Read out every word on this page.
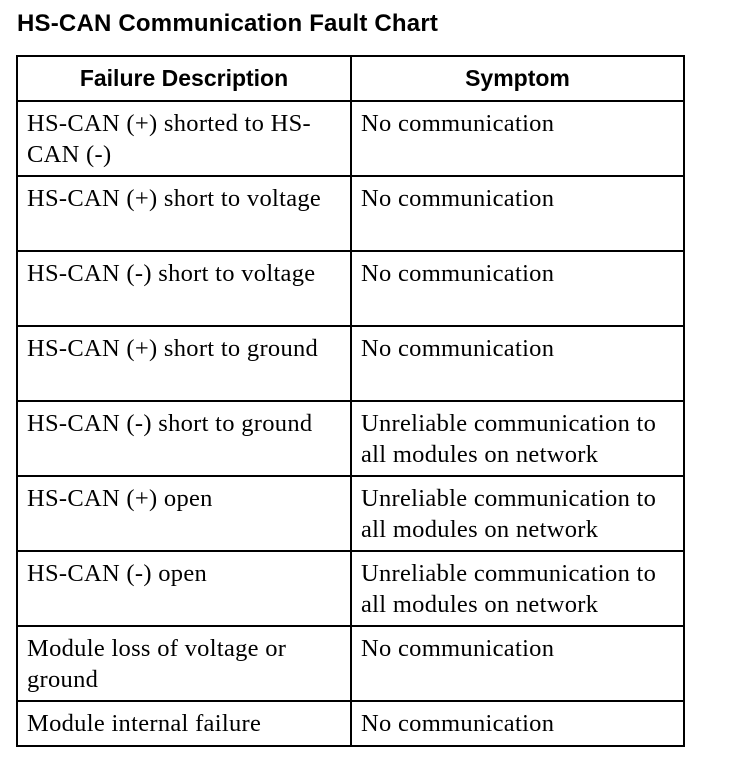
HS-CAN Communication Fault Chart
Failure Description	Symptom

HS-CAN (+) shorted to HS-CAN (-)	No communication

HS-CAN (+) short to voltage	No communication

HS-CAN (-) short to voltage	No communication

HS-CAN (+) short to ground	No communication

HS-CAN (-) short to ground	Unreliable communication to all modules on network

HS-CAN (+) open	Unreliable communication to all modules on network

HS-CAN (-) open	Unreliable communication to all modules on network

Module loss of voltage or ground	No communication

Module internal failure	No communication
